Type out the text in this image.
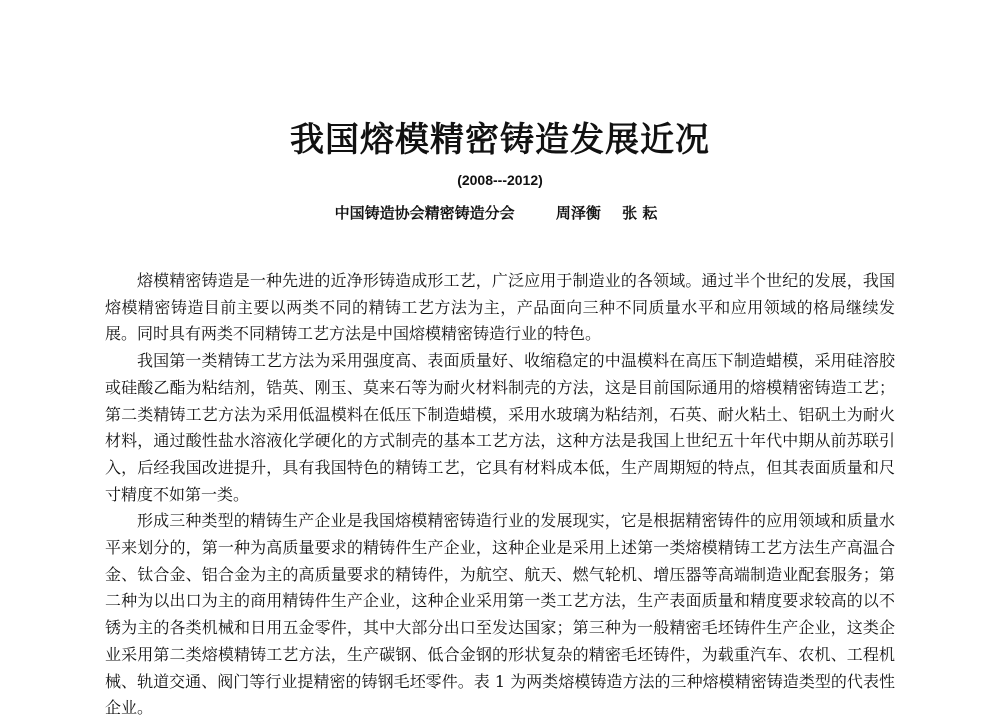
我国熔模精密铸造发展近况
(2008---2012)
中国铸造协会精密铸造分会	周泽衡 张 耘

熔模精密铸造是一种先进的近净形铸造成形工艺，广泛应用于制造业的各领域。通过半个世纪的发展，我国熔模精密铸造目前主要以两类不同的精铸工艺方法为主，产品面向三种不同质量水平和应用领域的格局继续发展。同时具有两类不同精铸工艺方法是中国熔模精密铸造行业的特色。

我国第一类精铸工艺方法为采用强度高、表面质量好、收缩稳定的中温模料在高压下制造蜡模，采用硅溶胶或硅酸乙酯为粘结剂，锆英、刚玉、莫来石等为耐火材料制壳的方法，这是目前国际通用的熔模精密铸造工艺；第二类精铸工艺方法为采用低温模料在低压下制造蜡模，采用水玻璃为粘结剂，石英、耐火粘土、铝矾土为耐火材料，通过酸性盐水溶液化学硬化的方式制壳的基本工艺方法，这种方法是我国上世纪五十年代中期从前苏联引入，后经我国改进提升，具有我国特色的精铸工艺，它具有材料成本低，生产周期短的特点，但其表面质量和尺寸精度不如第一类。

形成三种类型的精铸生产企业是我国熔模精密铸造行业的发展现实，它是根据精密铸件的应用领域和质量水平来划分的，第一种为高质量要求的精铸件生产企业，这种企业是采用上述第一类熔模精铸工艺方法生产高温合金、钛合金、铝合金为主的高质量要求的精铸件，为航空、航天、燃气轮机、增压器等高端制造业配套服务；第二种为以出口为主的商用精铸件生产企业，这种企业采用第一类工艺方法，生产表面质量和精度要求较高的以不锈为主的各类机械和日用五金零件，其中大部分出口至发达国家；第三种为一般精密毛坯铸件生产企业，这类企业采用第二类熔模精铸工艺方法，生产碳钢、低合金钢的形状复杂的精密毛坯铸件，为载重汽车、农机、工程机械、轨道交通、阀门等行业提精密的铸钢毛坯零件。表 1 为两类熔模铸造方法的三种熔模精密铸造类型的代表性企业。
